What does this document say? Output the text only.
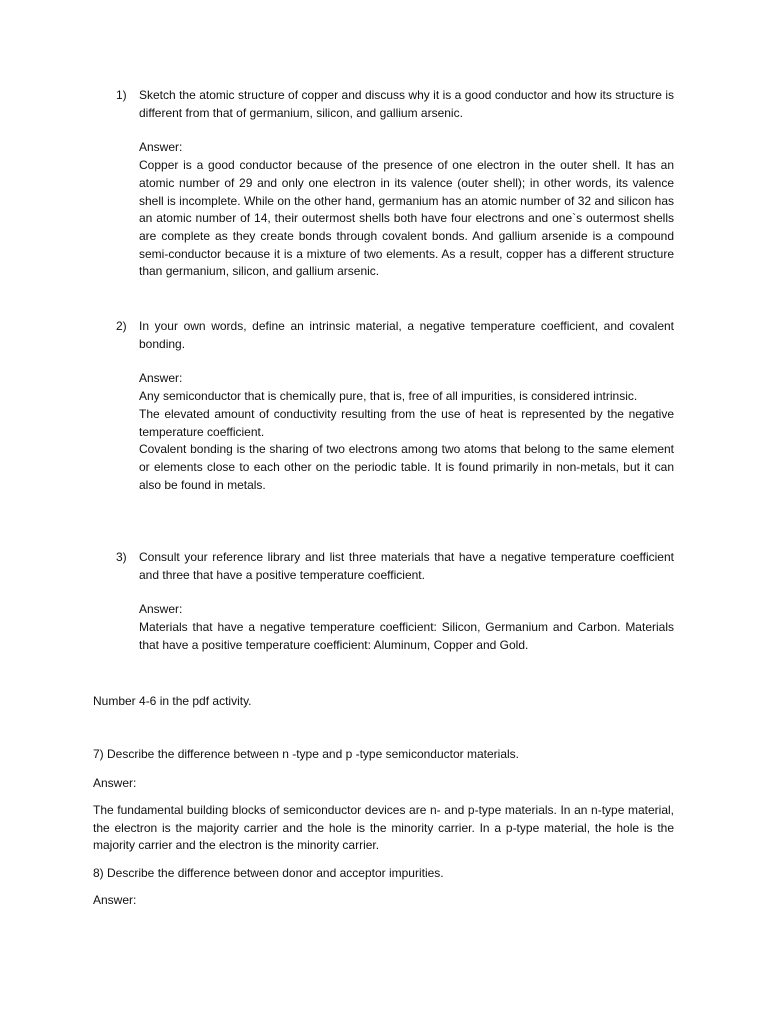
1)	Sketch the atomic structure of copper and discuss why it is a good conductor and how its structure is different from that of germanium, silicon, and gallium arsenic.

Answer:

Copper is a good conductor because of the presence of one electron in the outer shell. It has an atomic number of 29 and only one electron in its valence (outer shell); in other words, its valence shell is incomplete. While on the other hand, germanium has an atomic number of 32 and silicon has an atomic number of 14, their outermost shells both have four electrons and one`s outermost shells are complete as they create bonds through covalent bonds. And gallium arsenide is a compound semi-conductor because it is a mixture of two elements. As a result, copper has a different structure than germanium, silicon, and gallium arsenic.

2)	In your own words, define an intrinsic material, a negative temperature coefficient, and covalent bonding.

Answer:

Any semiconductor that is chemically pure, that is, free of all impurities, is considered intrinsic.

The elevated amount of conductivity resulting from the use of heat is represented by the negative temperature coefficient.

Covalent bonding is the sharing of two electrons among two atoms that belong to the same element or elements close to each other on the periodic table. It is found primarily in non-metals, but it can also be found in metals.

3)	Consult your reference library and list three materials that have a negative temperature coefficient and three that have a positive temperature coefficient.

Answer:

Materials that have a negative temperature coefficient: Silicon, Germanium and Carbon. Materials that have a positive temperature coefficient: Aluminum, Copper and Gold.

Number 4-6 in the pdf activity.

7) Describe the difference between n -type and p -type semiconductor materials.

Answer:

The fundamental building blocks of semiconductor devices are n- and p-type materials. In an n-type material, the electron is the majority carrier and the hole is the minority carrier. In a p-type material, the hole is the majority carrier and the electron is the minority carrier.

8) Describe the difference between donor and acceptor impurities.

Answer:
